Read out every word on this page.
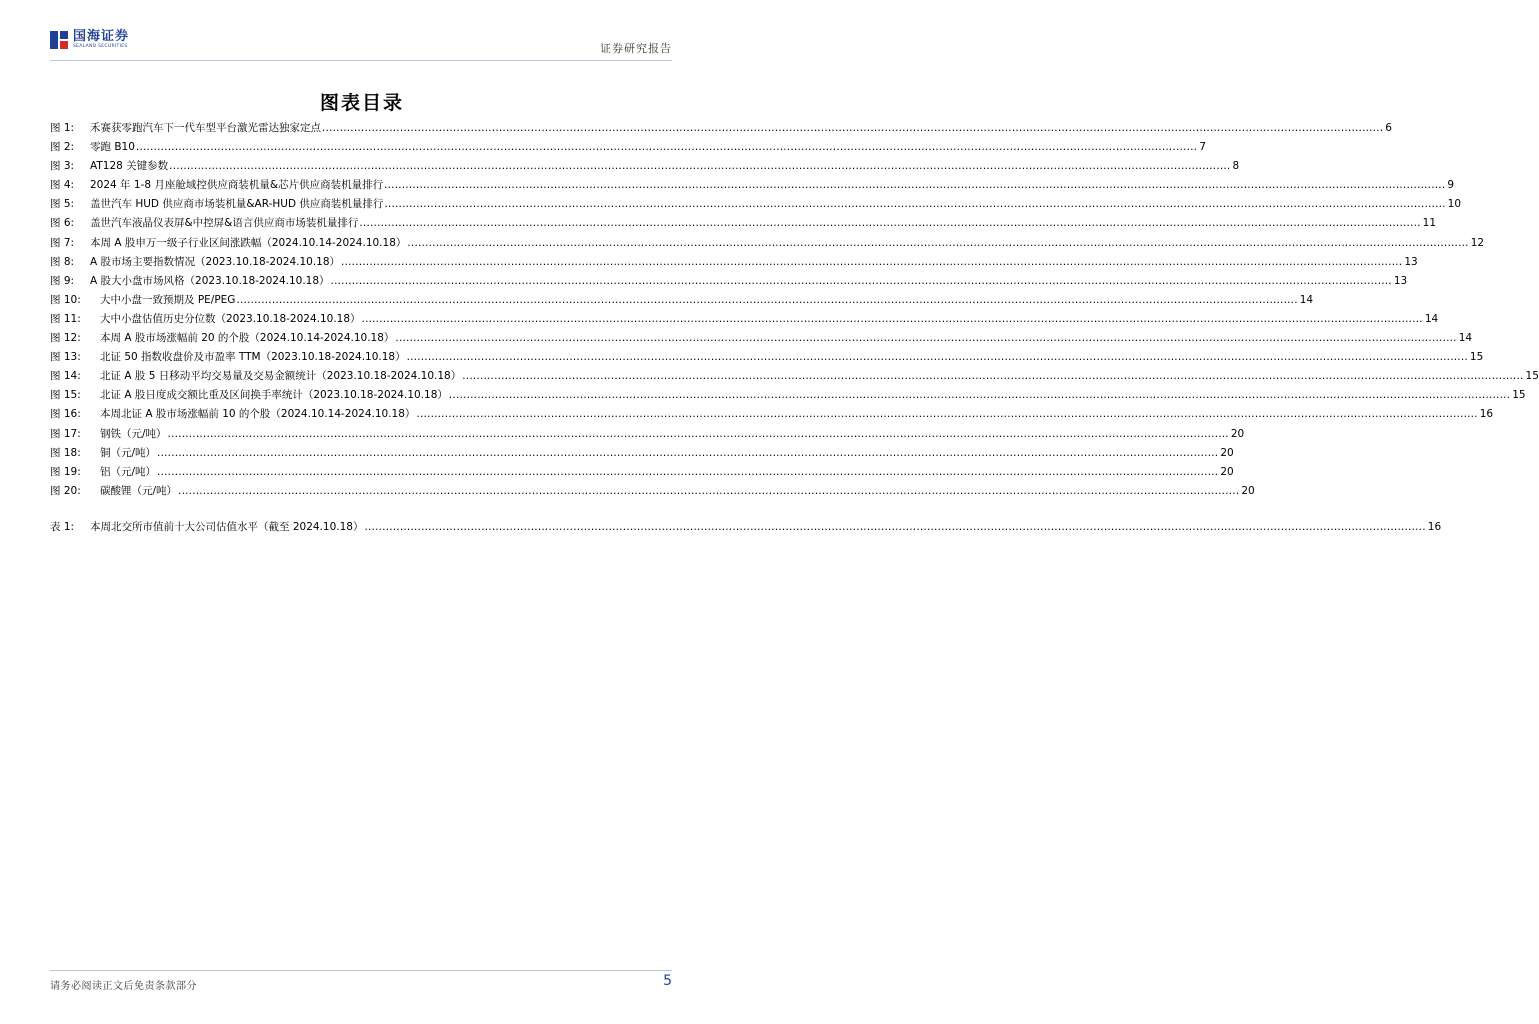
国海证券
SEALAND SECURITIES	证券研究报告
图表目录
图 1:	禾赛获零跑汽车下一代车型平台激光雷达独家定点 ............................................................................................................................................................................................................................................................................................................ 6
图 2:	零跑 B10 ............................................................................................................................................................................................................................................................................................................ 7
图 3:	AT128 关键参数 ............................................................................................................................................................................................................................................................................................................ 8
图 4:	2024 年 1-8 月座舱域控供应商装机量&芯片供应商装机量排行 ............................................................................................................................................................................................................................................................................................................ 9
图 5:	盖世汽车 HUD 供应商市场装机量&AR-HUD 供应商装机量排行 ............................................................................................................................................................................................................................................................................................................ 10
图 6:	盖世汽车液晶仪表屏&中控屏&语言供应商市场装机量排行 ............................................................................................................................................................................................................................................................................................................ 11
图 7:	本周 A 股申万一级子行业区间涨跌幅（2024.10.14-2024.10.18） ............................................................................................................................................................................................................................................................................................................ 12
图 8:	A 股市场主要指数情况（2023.10.18-2024.10.18） ............................................................................................................................................................................................................................................................................................................ 13
图 9:	A 股大小盘市场风格（2023.10.18-2024.10.18） ............................................................................................................................................................................................................................................................................................................ 13
图 10:	大中小盘一致预期及 PE/PEG ............................................................................................................................................................................................................................................................................................................ 14
图 11:	大中小盘估值历史分位数（2023.10.18-2024.10.18） ............................................................................................................................................................................................................................................................................................................ 14
图 12:	本周 A 股市场涨幅前 20 的个股（2024.10.14-2024.10.18） ............................................................................................................................................................................................................................................................................................................ 14
图 13:	北证 50 指数收盘价及市盈率 TTM（2023.10.18-2024.10.18） ............................................................................................................................................................................................................................................................................................................ 15
图 14:	北证 A 股 5 日移动平均交易量及交易金额统计（2023.10.18-2024.10.18） ............................................................................................................................................................................................................................................................................................................ 15
图 15:	北证 A 股日度成交额比重及区间换手率统计（2023.10.18-2024.10.18） ............................................................................................................................................................................................................................................................................................................ 15
图 16:	本周北证 A 股市场涨幅前 10 的个股（2024.10.14-2024.10.18） ............................................................................................................................................................................................................................................................................................................ 16
图 17:	钢铁（元/吨） ............................................................................................................................................................................................................................................................................................................ 20
图 18:	铜（元/吨） ............................................................................................................................................................................................................................................................................................................ 20
图 19:	铝（元/吨） ............................................................................................................................................................................................................................................................................................................ 20
图 20:	碳酸锂（元/吨） ............................................................................................................................................................................................................................................................................................................ 20
表 1:	本周北交所市值前十大公司估值水平（截至 2024.10.18） ............................................................................................................................................................................................................................................................................................................ 16
请务必阅读正文后免责条款部分	5
